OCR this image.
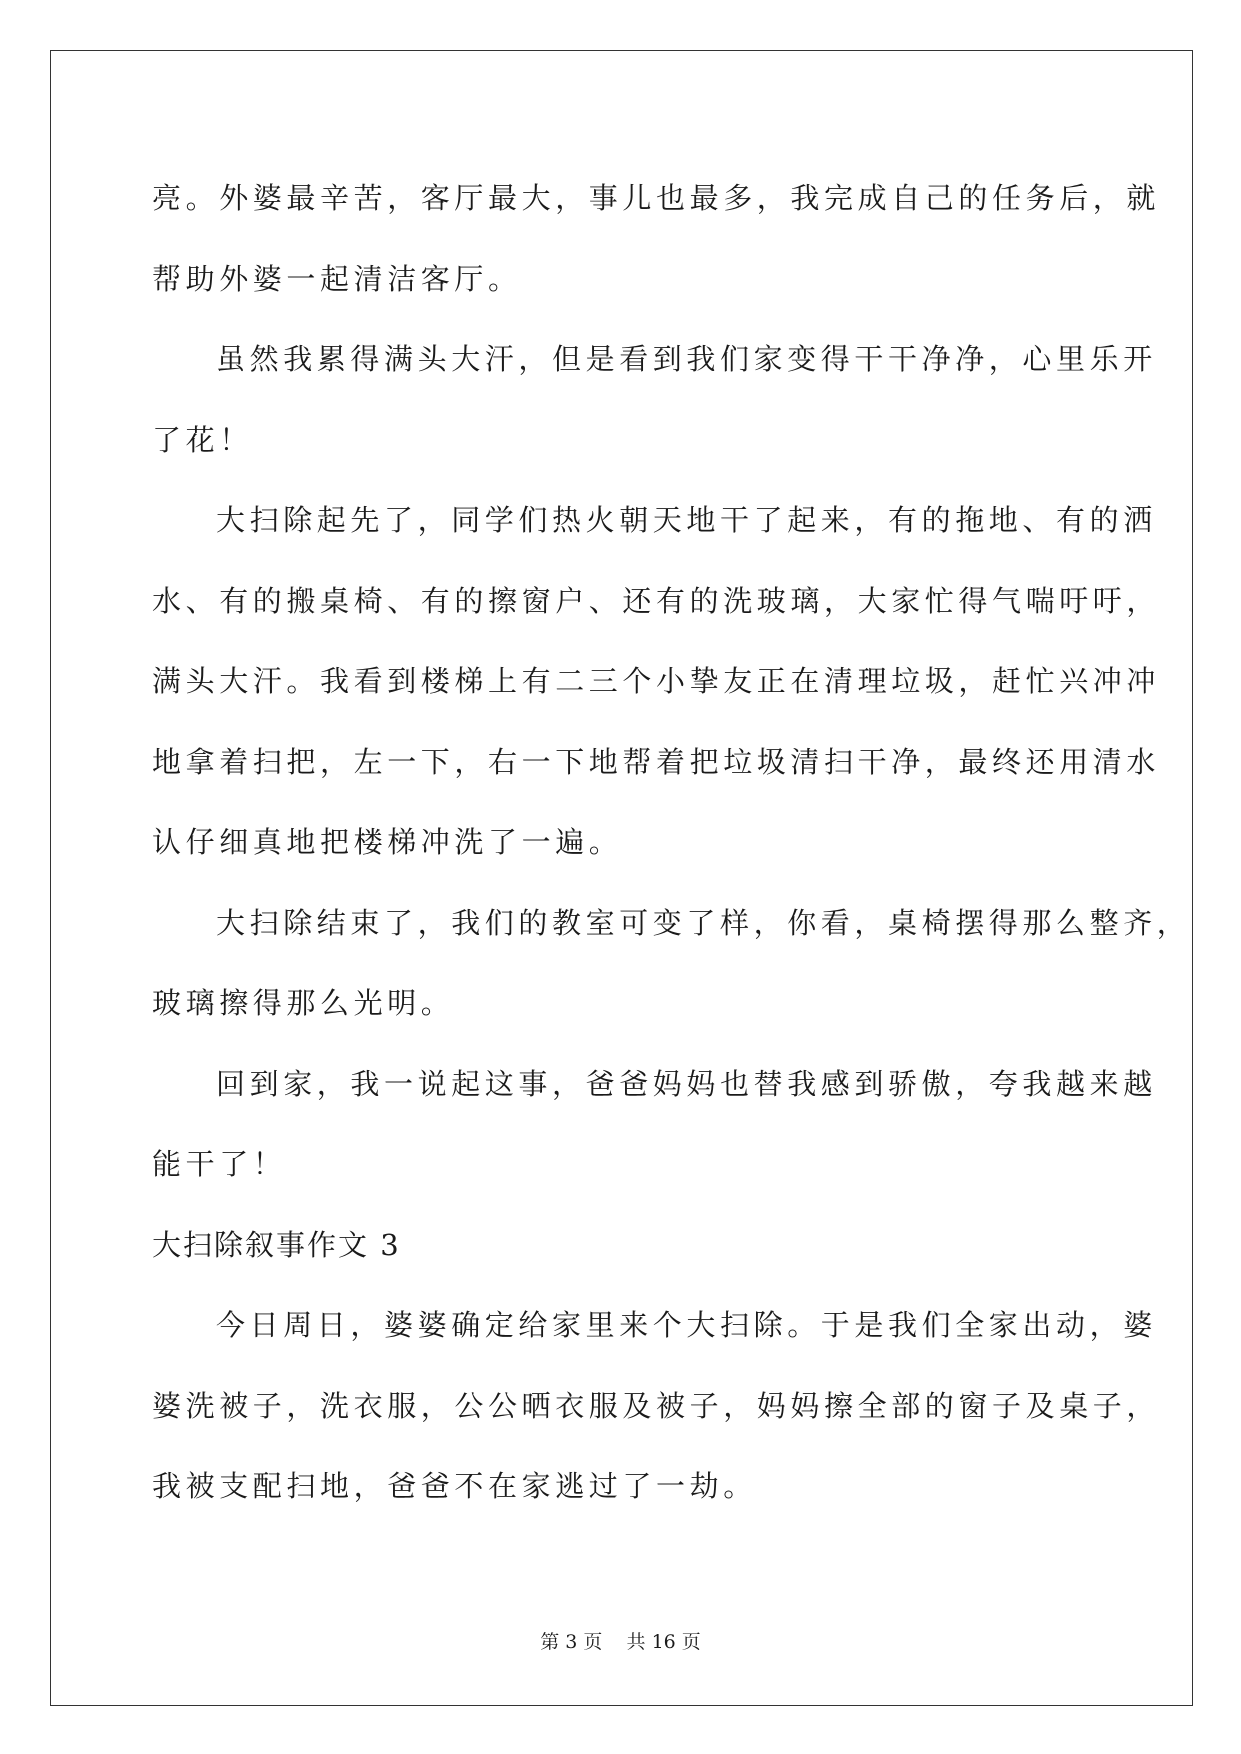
亮。外婆最辛苦，客厅最大，事儿也最多，我完成自己的任务后，就

帮助外婆一起清洁客厅。

虽然我累得满头大汗，但是看到我们家变得干干净净，心里乐开

了花！

大扫除起先了，同学们热火朝天地干了起来，有的拖地、有的洒

水、有的搬桌椅、有的擦窗户、还有的洗玻璃，大家忙得气喘吁吁，

满头大汗。我看到楼梯上有二三个小挚友正在清理垃圾，赶忙兴冲冲

地拿着扫把，左一下，右一下地帮着把垃圾清扫干净，最终还用清水

认仔细真地把楼梯冲洗了一遍。

大扫除结束了，我们的教室可变了样，你看，桌椅摆得那么整齐，

玻璃擦得那么光明。

回到家，我一说起这事，爸爸妈妈也替我感到骄傲，夸我越来越

能干了！

大扫除叙事作文 3

今日周日，婆婆确定给家里来个大扫除。于是我们全家出动，婆

婆洗被子，洗衣服，公公晒衣服及被子，妈妈擦全部的窗子及桌子，

我被支配扫地，爸爸不在家逃过了一劫。

第 3 页    共 16 页
